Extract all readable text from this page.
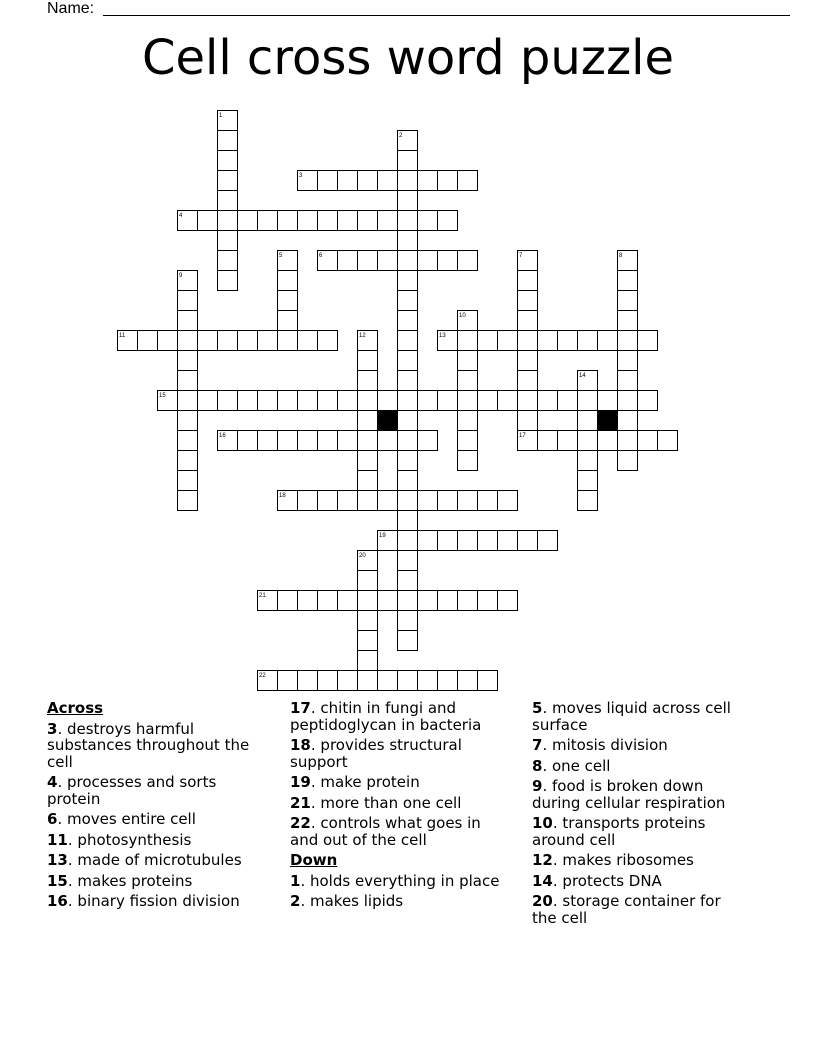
Name:
Cell cross word puzzle
1
2
3
4
5	6	7	8
9
10
11	12	13
14
15
16	17
18
19
20
21
22
Across
3. destroys harmful substances throughout the cell
4. processes and sorts protein
6. moves entire cell
11. photosynthesis
13. made of microtubules
15. makes proteins
16. binary fission division
17. chitin in fungi and peptidoglycan in bacteria
18. provides structural support
19. make protein
21. more than one cell
22. controls what goes in and out of the cell
Down
1. holds everything in place
2. makes lipids
5. moves liquid across cell surface
7. mitosis division
8. one cell
9. food is broken down during cellular respiration
10. transports proteins around cell
12. makes ribosomes
14. protects DNA
20. storage container for the cell
